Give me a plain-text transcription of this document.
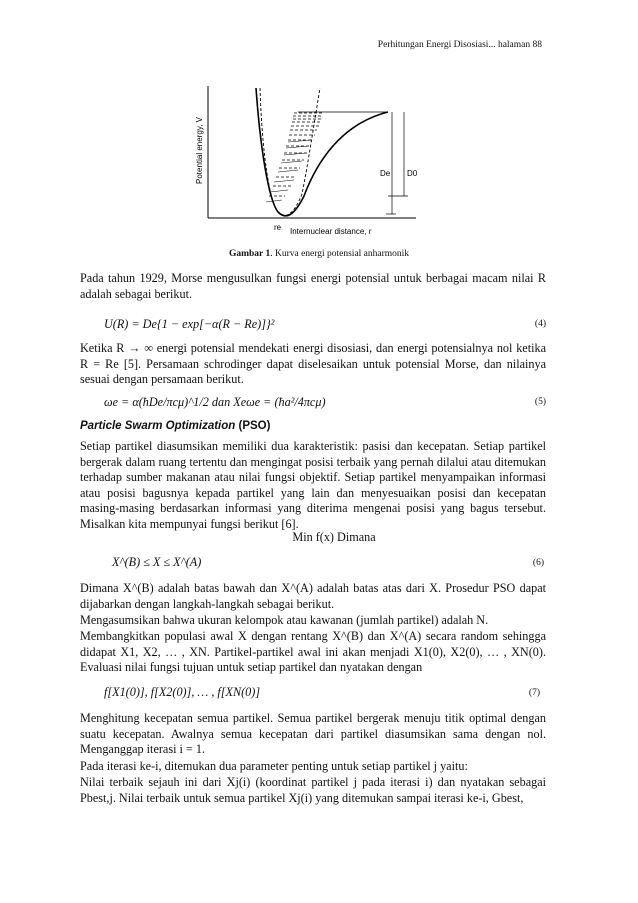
Perhitungan Energi Disosiasi... halaman 88
Potential energy, V
Internuclear distance, r
re
De D0
Gambar 1. Kurva energi potensial anharmonik
Pada tahun 1929, Morse mengusulkan fungsi energi potensial untuk berbagai macam nilai R adalah sebagai berikut.
U(R) = De{1 − exp[−α(R − Re)]}²	(4)
Ketika R → ∞ energi potensial mendekati energi disosiasi, dan energi potensialnya nol ketika R = Re [5]. Persamaan schrodinger dapat diselesaikan untuk potensial Morse, dan nilainya sesuai dengan persamaan berikut.
ωe = α(ħDe/πcμ)^1/2 dan Xeωe = (ħa²/4πcμ)	(5)
Particle Swarm Optimization (PSO)
Setiap partikel diasumsikan memiliki dua karakteristik: pasisi dan kecepatan. Setiap partikel bergerak dalam ruang tertentu dan mengingat posisi terbaik yang pernah dilalui atau ditemukan terhadap sumber makanan atau nilai fungsi objektif. Setiap partikel menyampaikan informasi atau posisi bagusnya kepada partikel yang lain dan menyesuaikan posisi dan kecepatan masing-masing berdasarkan informasi yang diterima mengenai posisi yang bagus tersebut. Misalkan kita mempunyai fungsi berikut [6].
Min f(x) Dimana
X^(B) ≤ X ≤ X^(A)	(6)
Dimana X^(B) adalah batas bawah dan X^(A) adalah batas atas dari X. Prosedur PSO dapat dijabarkan dengan langkah-langkah sebagai berikut.
Mengasumsikan bahwa ukuran kelompok atau kawanan (jumlah partikel) adalah N.
Membangkitkan populasi awal X dengan rentang X^(B) dan X^(A) secara random sehingga didapat X1, X2, … , XN. Partikel-partikel awal ini akan menjadi X1(0), X2(0), … , XN(0). Evaluasi nilai fungsi tujuan untuk setiap partikel dan nyatakan dengan
f[X1(0)], f[X2(0)], … , f[XN(0)]	(7)
Menghitung kecepatan semua partikel. Semua partikel bergerak menuju titik optimal dengan suatu kecepatan. Awalnya semua kecepatan dari partikel diasumsikan sama dengan nol. Menganggap iterasi i = 1.
Pada iterasi ke-i, ditemukan dua parameter penting untuk setiap partikel j yaitu:
Nilai terbaik sejauh ini dari Xj(i) (koordinat partikel j pada iterasi i) dan nyatakan sebagai Pbest,j. Nilai terbaik untuk semua partikel Xj(i) yang ditemukan sampai iterasi ke-i, Gbest,
